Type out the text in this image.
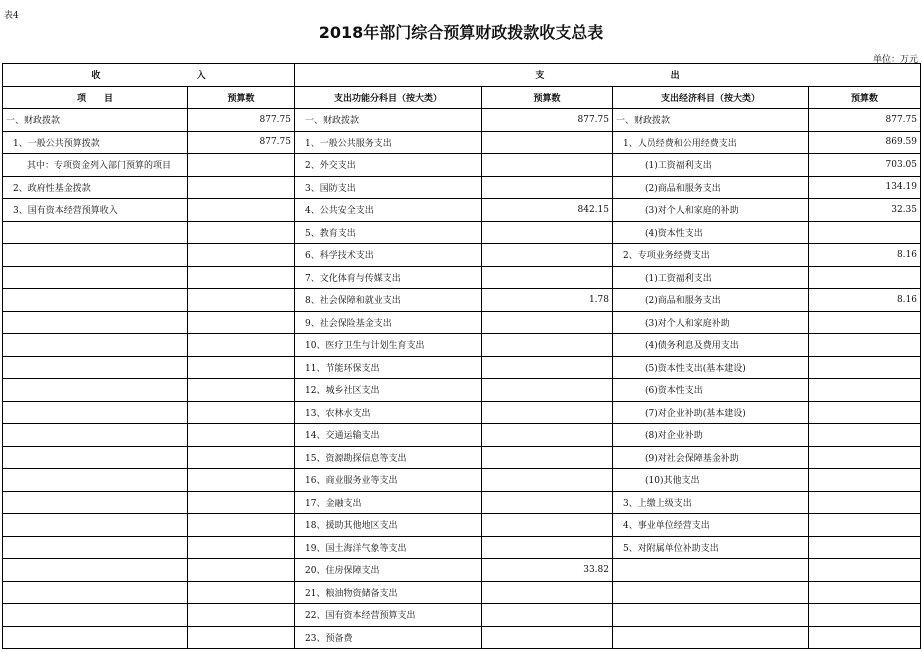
表4
2018年部门综合预算财政拨款收支总表
单位：万元
收 入		支 出			
项　　目	预算数	支出功能分科目（按大类）	预算数	支出经济科目（按大类）	预算数
一、财政拨款	877.75	一、财政拨款	877.75	一、财政拨款	877.75
1、一般公共预算拨款	877.75	1、一般公共服务支出		1、人员经费和公用经费支出	869.59
其中：专项资金列入部门预算的项目		2、外交支出		(1)工资福利支出	703.05
2、政府性基金拨款		3、国防支出		(2)商品和服务支出	134.19
3、国有资本经营预算收入		4、公共安全支出	842.15	(3)对个人和家庭的补助	32.35
		5、教育支出		(4)资本性支出	
		6、科学技术支出		2、专项业务经费支出	8.16
		7、文化体育与传媒支出		(1)工资福利支出	
		8、社会保障和就业支出	1.78	(2)商品和服务支出	8.16
		9、社会保险基金支出		(3)对个人和家庭补助	
		10、医疗卫生与计划生育支出		(4)债务利息及费用支出	
		11、节能环保支出		(5)资本性支出(基本建设)	
		12、城乡社区支出		(6)资本性支出	
		13、农林水支出		(7)对企业补助(基本建设)	
		14、交通运输支出		(8)对企业补助	
		15、资源勘探信息等支出		(9)对社会保障基金补助	
		16、商业服务业等支出		(10)其他支出	
		17、金融支出		3、上缴上级支出	
		18、援助其他地区支出		4、事业单位经营支出	
		19、国土海洋气象等支出		5、对附属单位补助支出	
		20、住房保障支出	33.82		
		21、粮油物资储备支出			
		22、国有资本经营预算支出			
		23、预备费			
